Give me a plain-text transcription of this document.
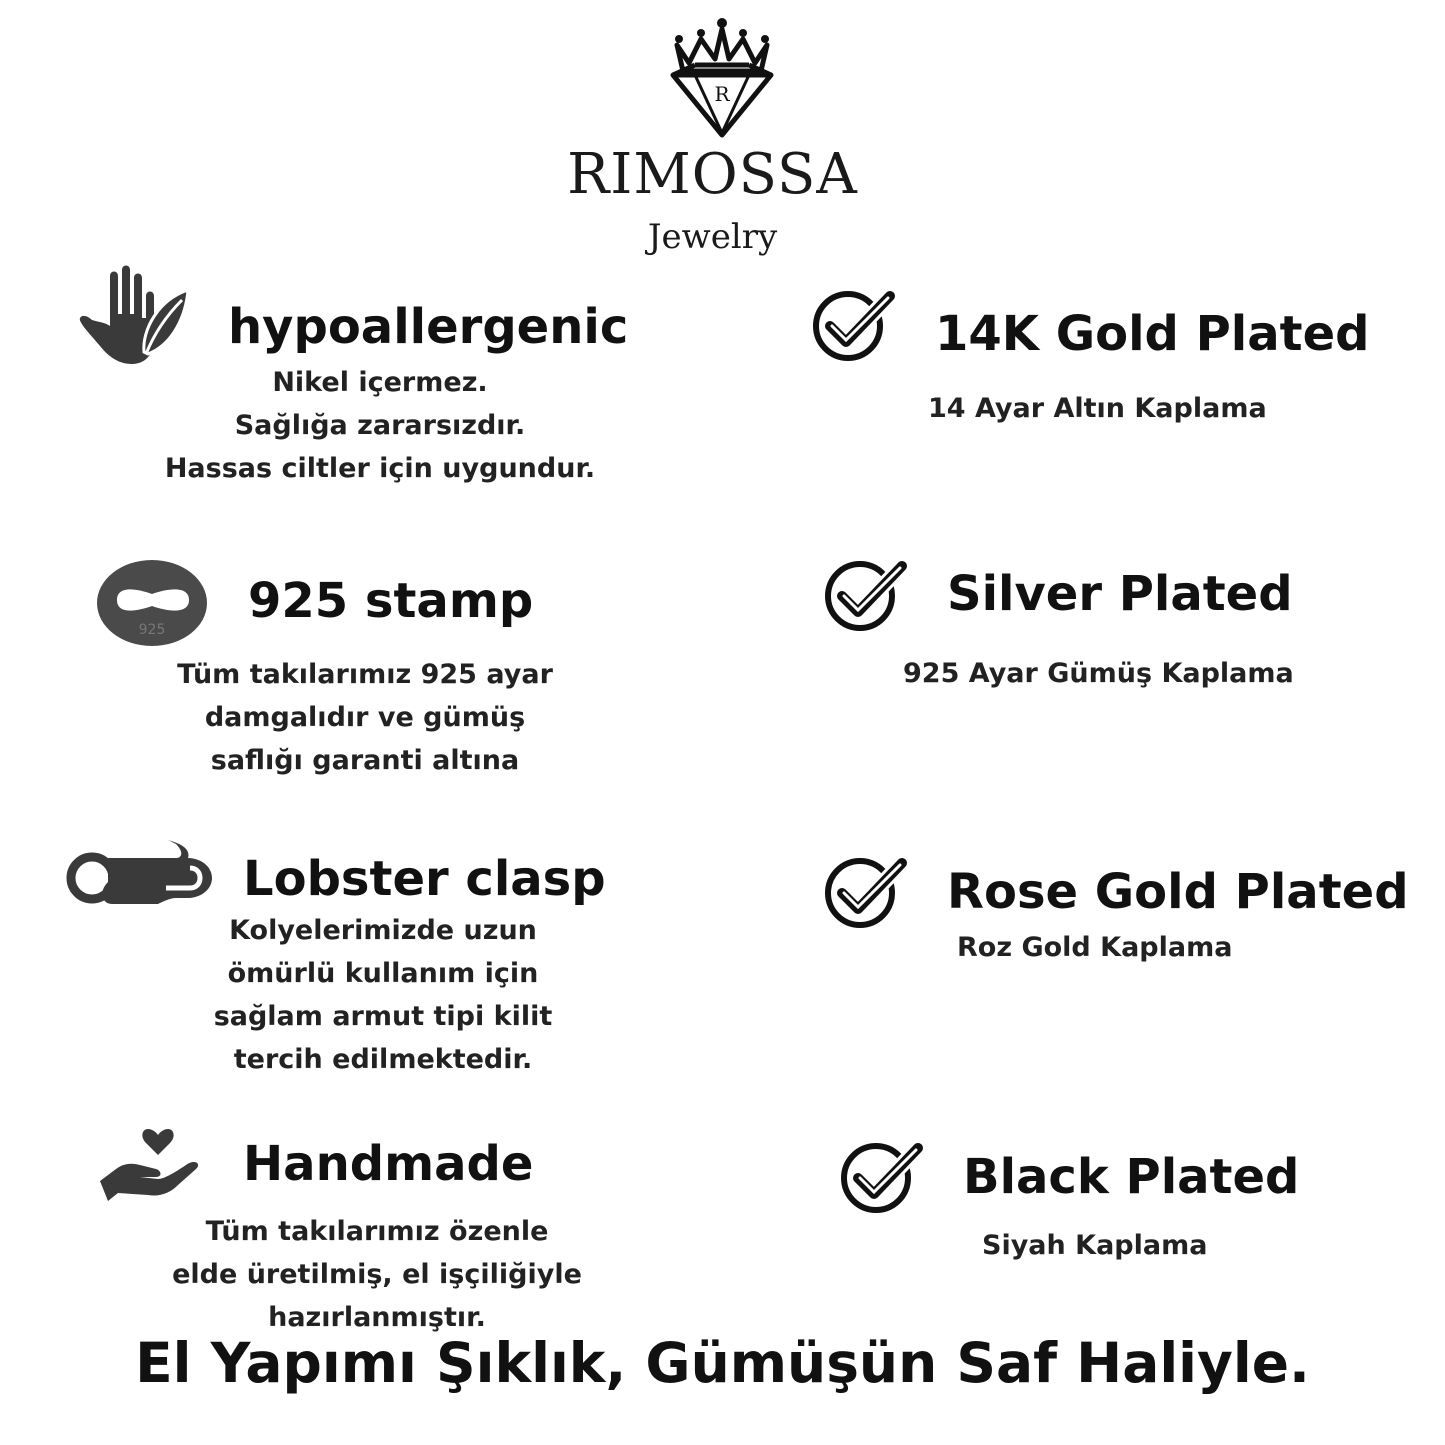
R
RIMOSSA
Jewelry
hypoallergenic
Nikel içermez.
Sağlığa zararsızdır.
Hassas ciltler için uygundur.
925
925 stamp
Tüm takılarımız 925 ayar
damgalıdır ve gümüş
saflığı garanti altına
Lobster clasp
Kolyelerimizde uzun
ömürlü kullanım için
sağlam armut tipi kilit
tercih edilmektedir.
Handmade
Tüm takılarımız özenle
elde üretilmiş, el işçiliğiyle
hazırlanmıştır.
14K Gold Plated
14 Ayar Altın Kaplama
Silver Plated
925 Ayar Gümüş Kaplama
Rose Gold Plated
Roz Gold Kaplama
Black Plated
Siyah Kaplama
El Yapımı Şıklık, Gümüşün Saf Haliyle.
